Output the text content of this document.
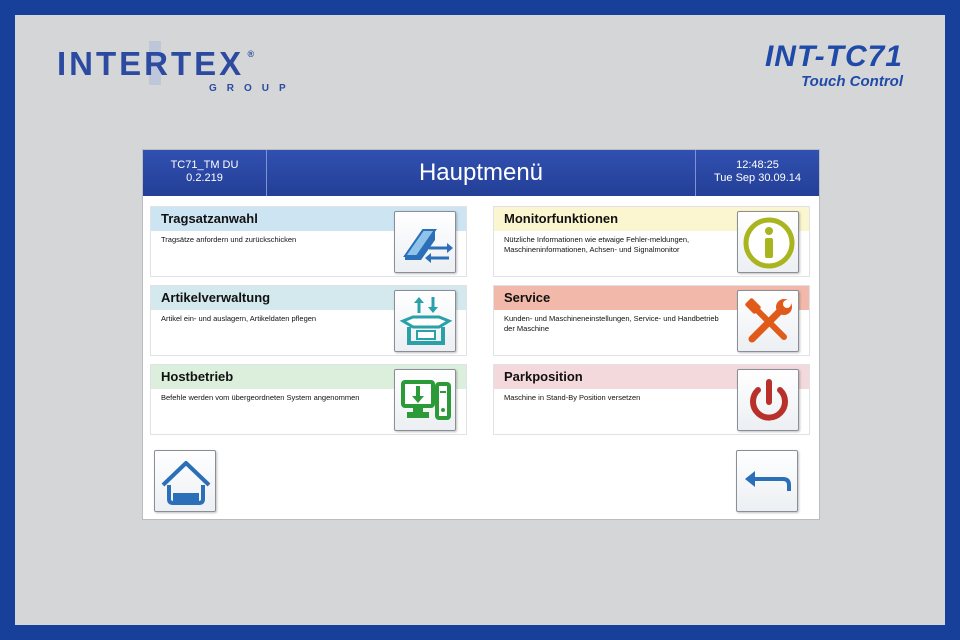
INTERTEX ®
GROUP
INT-TC71
Touch Control
TC71_TM DU
0.2.219	Hauptmenü	12:48:25
Tue Sep 30.09.14
Tragsatzanwahl
Tragsätze anfordern und zurückschicken
Monitorfunktionen
Nützliche Informationen wie etwaige Fehler-meldungen, Maschineninformationen, Achsen- und Signalmonitor
Artikelverwaltung
Artikel ein- und auslagern, Artikeldaten pflegen
Service
Kunden- und Maschineneinstellungen, Service- und Handbetrieb der Maschine
Hostbetrieb
Befehle werden vom übergeordneten System angenommen
Parkposition
Maschine in Stand-By Position versetzen
